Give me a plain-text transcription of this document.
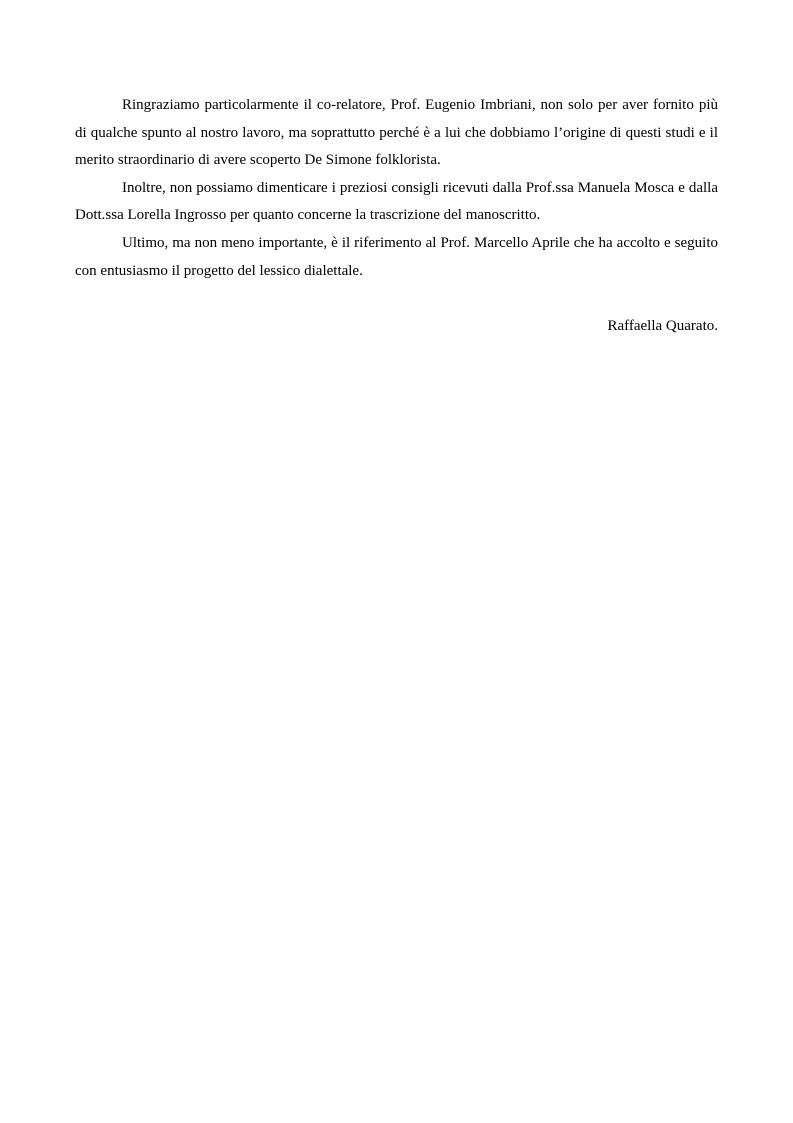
Ringraziamo particolarmente il co-relatore, Prof. Eugenio Imbriani, non solo per aver fornito più di qualche spunto al nostro lavoro, ma soprattutto perché è a lui che dobbiamo l’origine di questi studi e il merito straordinario di avere scoperto De Simone folklorista.

Inoltre, non possiamo dimenticare i preziosi consigli ricevuti dalla Prof.ssa Manuela Mosca e dalla Dott.ssa Lorella Ingrosso per quanto concerne la trascrizione del manoscritto.

Ultimo, ma non meno importante, è il riferimento al Prof. Marcello Aprile che ha accolto e seguito con entusiasmo il progetto del lessico dialettale.

Raffaella Quarato.
